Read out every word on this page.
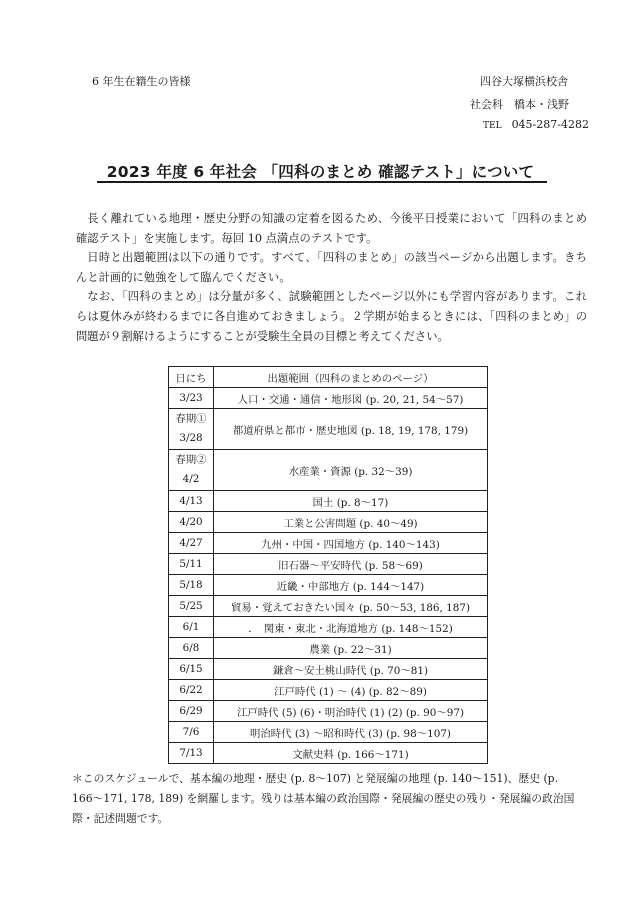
6 年生在籍生の皆様	四谷大塚横浜校舎
社会科　橋本・浅野
TEL 045-287-4282
2023 年度 6 年社会 「四科のまとめ 確認テスト」について

長く離れている地理・歴史分野の知識の定着を図るため、今後平日授業において「四科のまとめ　確認テスト」を実施します。毎回 10 点満点のテストです。

日時と出題範囲は以下の通りです。すべて、「四科のまとめ」の該当ページから出題します。きちんと計画的に勉強をして臨んでください。

なお、「四科のまとめ」は分量が多く、試験範囲としたページ以外にも学習内容があります。これらは夏休みが終わるまでに各自進めておきましょう。２学期が始まるときには、「四科のまとめ」の問題が９割解けるようにすることが受験生全員の目標と考えてください。

日にち	出題範囲（四科のまとめのページ）
3/23	人口・交通・通信・地形図 (p. 20, 21, 54〜57)

春期①
3/28	都道府県と都市・歴史地図 (p. 18, 19, 178, 179)

春期②
4/2	水産業・資源 (p. 32〜39)
4/13	国土 (p. 8〜17)
4/20	工業と公害問題 (p. 40〜49)
4/27	九州・中国・四国地方 (p. 140〜143)
5/11	旧石器〜平安時代 (p. 58〜69)
5/18	近畿・中部地方 (p. 144〜147)
5/25	貿易・覚えておきたい国々 (p. 50〜53, 186, 187)
6/1	．　関東・東北・北海道地方 (p. 148〜152)
6/8	農業 (p. 22〜31)
6/15	鎌倉〜安土桃山時代 (p. 70〜81)
6/22	江戸時代 (1) 〜 (4) (p. 82〜89)
6/29	江戸時代 (5) (6)・明治時代 (1) (2) (p. 90〜97)
7/6	明治時代 (3) 〜昭和時代 (3) (p. 98〜107)
7/13	文献史料 (p. 166〜171)
＊このスケジュールで、基本編の地理・歴史 (p. 8〜107) と発展編の地理 (p. 140〜151)、歴史 (p. 166〜171, 178, 189) を網羅します。残りは基本編の政治国際・発展編の歴史の残り・発展編の政治国際・記述問題です。
